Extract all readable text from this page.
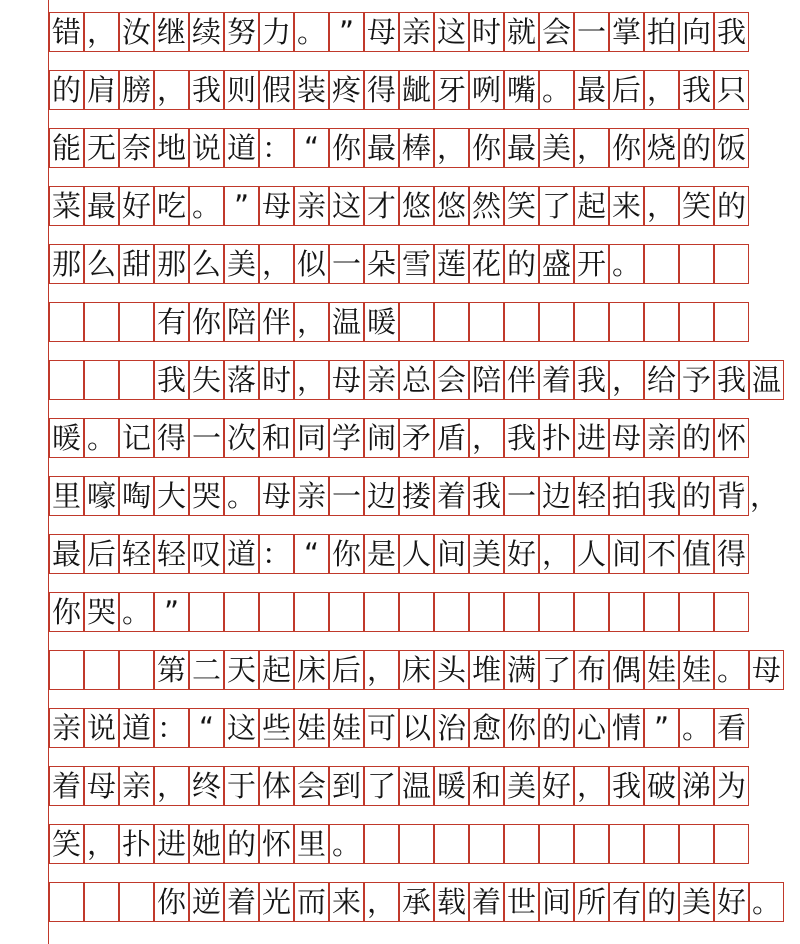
错 ， 汝 继 续 努 力 。 ” 母 亲 这 时 就 会 一 掌 拍 向 我
的 肩 膀 ， 我 则 假 装 疼 得 龇 牙 咧 嘴 。 最 后 ， 我 只
能 无 奈 地 说 道 ： “ 你 最 棒 ， 你 最 美 ， 你 烧 的 饭
菜 最 好 吃 。 ” 母 亲 这 才 悠 悠 然 笑 了 起 来 ， 笑 的
那 么 甜 那 么 美 ， 似 一 朵 雪 莲 花 的 盛 开 。
有 你 陪 伴 ， 温 暖
我 失 落 时 ， 母 亲 总 会 陪 伴 着 我 ， 给 予 我 温
暖 。 记 得 一 次 和 同 学 闹 矛 盾 ， 我 扑 进 母 亲 的 怀
里 嚎 啕 大 哭 。 母 亲 一 边 搂 着 我 一 边 轻 拍 我 的 背 ，
最 后 轻 轻 叹 道 ： “ 你 是 人 间 美 好 ， 人 间 不 值 得
你 哭 。 ”
第 二 天 起 床 后 ， 床 头 堆 满 了 布 偶 娃 娃 。 母
亲 说 道 ： “ 这 些 娃 娃 可 以 治 愈 你 的 心 情 ” 。 看
着 母 亲 ， 终 于 体 会 到 了 温 暖 和 美 好 ， 我 破 涕 为
笑 ， 扑 进 她 的 怀 里 。
你 逆 着 光 而 来 ， 承 载 着 世 间 所 有 的 美 好 。
